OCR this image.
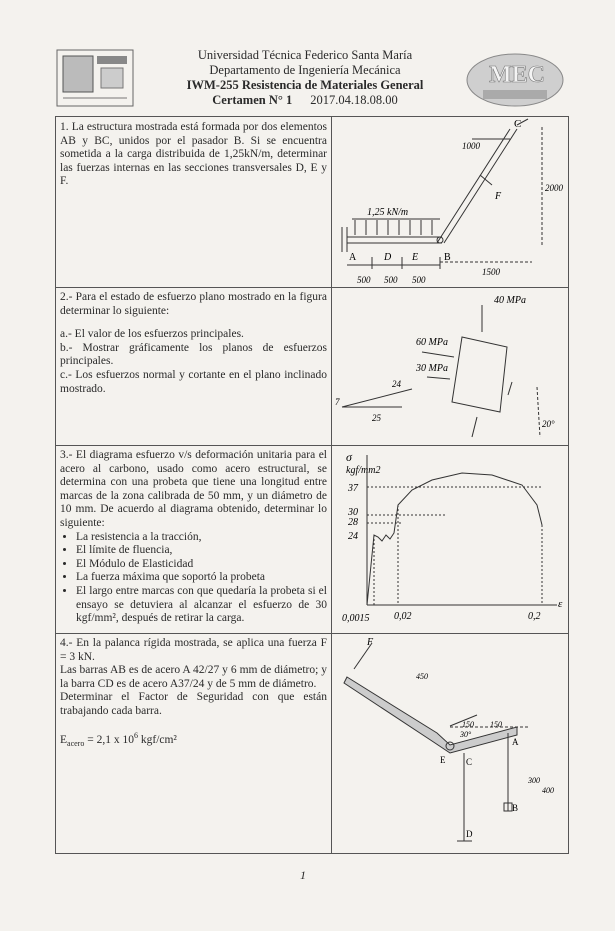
Universidad Técnica Federico Santa María
Departamento de Ingeniería Mecánica
IWM-255 Resistencia de Materiales General
Certamen N° 1 2017.04.18.08.00
MEC

1. La estructura mostrada está formada por dos elementos AB y BC, unidos por el pasador B. Si se encuentra sometida a la carga distribuida de 1,25kN/m, determinar las fuerzas internas en las secciones transversales D, E y F.

C
F
A	D E	B
1,25 kN/m
1000
2000
1500
500 500 500

2.- Para el estado de esfuerzo plano mostrado en la figura determinar lo siguiente:

a.- El valor de los esfuerzos principales.

b.- Mostrar gráficamente los planos de esfuerzos principales.

c.- Los esfuerzos normal y cortante en el plano inclinado mostrado.

40 MPa
60 MPa
30 MPa
24
7
25
20°

3.- El diagrama esfuerzo v/s deformación unitaria para el acero al carbono, usado como acero estructural, se determina con una probeta que tiene una longitud entre marcas de la zona calibrada de 50 mm, y un diámetro de 10 mm. De acuerdo al diagrama obtenido, determinar lo siguiente:

• La resistencia a la tracción,
• El límite de fluencia,
• El Módulo de Elasticidad
• La fuerza máxima que soportó la probeta
• El largo entre marcas con que quedaría la probeta si el ensayo se detuviera al alcanzar el esfuerzo de 30 kgf/mm², después de retirar la carga.
σ
kgf/mm2
ε
37
30
28
24
0,0015 0,02	0,2

4.- En la palanca rígida mostrada, se aplica una fuerza F = 3 kN.

Las barras AB es de acero A 42/27 y 6 mm de diámetro; y la barra CD es de acero A37/24 y de 5 mm de diámetro.

Determinar el Factor de Seguridad con que están trabajando cada barra.

$E_{acero} = 2,1$ x $10^6$ kgf/cm²

F
450
150 150
30°
E C
A
B
D
300
400
1
